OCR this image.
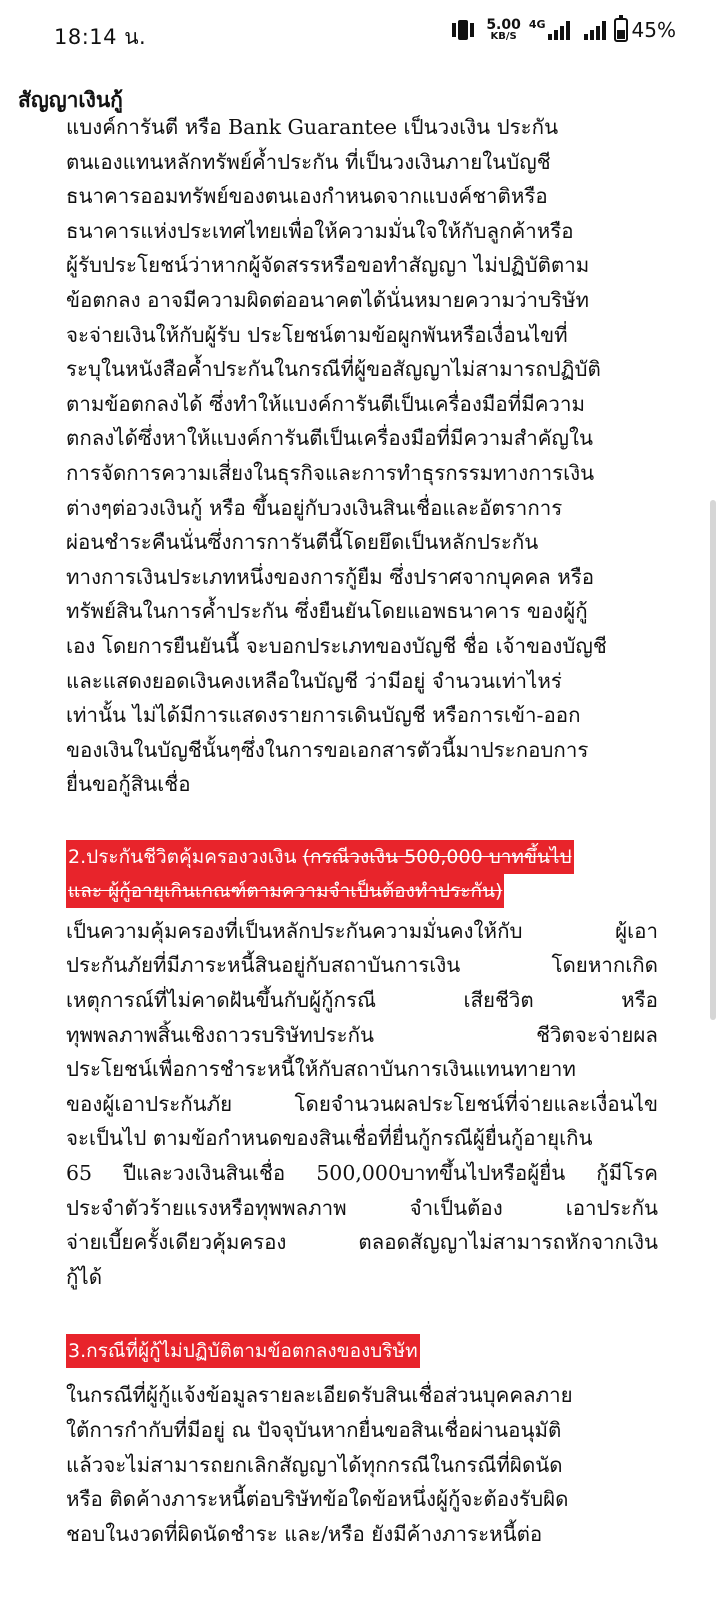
18:14 น.	5.00
KB/S
4G	45%
สัญญาเงินกู้
แบงค์การันตี หรือ Bank Guarantee เป็นวงเงิน ประกัน
ตนเองแทนหลักทรัพย์ค้ำประกัน ที่เป็นวงเงินภายในบัญชี
ธนาคารออมทรัพย์ของตนเองกำหนดจากแบงค์ชาติหรือ
ธนาคารแห่งประเทศไทยเพื่อให้ความมั่นใจให้กับลูกค้าหรือ
ผู้รับประโยชน์ว่าหากผู้จัดสรรหรือขอทำสัญญา ไม่ปฏิบัติตาม
ข้อตกลง อาจมีความผิดต่ออนาคตได้นั่นหมายความว่าบริษัท
จะจ่ายเงินให้กับผู้รับ ประโยชน์ตามข้อผูกพันหรือเงื่อนไขที่
ระบุในหนังสือค้ำประกันในกรณีที่ผู้ขอสัญญาไม่สามารถปฏิบัติ
ตามข้อตกลงได้ ซึ่งทำให้แบงค์การันตีเป็นเครื่องมือที่มีความ
ตกลงได้ซึ่งหาให้แบงค์การันตีเป็นเครื่องมือที่มีความสำคัญใน
การจัดการความเสี่ยงในธุรกิจและการทำธุรกรรมทางการเงิน
ต่างๆต่อวงเงินกู้ หรือ ขึ้นอยู่กับวงเงินสินเชื่อและอัตราการ
ผ่อนชำระคืนนั่นซึ่งการการันตีนี้โดยยึดเป็นหลักประกัน
ทางการเงินประเภทหนึ่งของการกู้ยืม ซึ่งปราศจากบุคคล หรือ
ทรัพย์สินในการค้ำประกัน ซึ่งยืนยันโดยแอพธนาคาร ของผู้กู้
เอง โดยการยืนยันนี้ จะบอกประเภทของบัญชี ชื่อ เจ้าของบัญชี
และแสดงยอดเงินคงเหลือในบัญชี ว่ามีอยู่ จำนวนเท่าไหร่
เท่านั้น ไม่ได้มีการแสดงรายการเดินบัญชี หรือการเข้า-ออก
ของเงินในบัญชีนั้นๆซึ่งในการขอเอกสารตัวนี้มาประกอบการ
ยื่นขอกู้สินเชื่อ
2.ประกันชีวิตคุ้มครองวงเงิน (กรณีวงเงิน 500,000 บาทขึ้นไป
และ ผู้กู้อายุเกินเกณฑ์ตามความจำเป็นต้องทำประกัน)
เป็นความคุ้มครองที่เป็นหลักประกันความมั่นคงให้กับ	ผู้เอา
ประกันภัยที่มีภาระหนี้สินอยู่กับสถาบันการเงิน	โดยหากเกิด
เหตุการณ์ที่ไม่คาดฝันขึ้นกับผู้กู้กรณี	เสียชีวิต	หรือ
ทุพพลภาพสิ้นเชิงถาวรบริษัทประกัน	ชีวิตจะจ่ายผล
ประโยชน์เพื่อการชำระหนี้ให้กับสถาบันการเงินแทนทายาท
ของผู้เอาประกันภัย	โดยจำนวนผลประโยชน์ที่จ่ายและเงื่อนไข
จะเป็นไป ตามข้อกำหนดของสินเชื่อที่ยื่นกู้กรณีผู้ยื่นกู้อายุเกิน
65 ปีและวงเงินสินเชื่อ 500,000บาทขึ้นไปหรือผู้ยื่น กู้มีโรค
ประจำตัวร้ายแรงหรือทุพพลภาพ	จำเป็นต้อง	เอาประกัน
จ่ายเบี้ยครั้งเดียวคุ้มครอง	ตลอดสัญญาไม่สามารถหักจากเงิน
กู้ได้
3.กรณีที่ผู้กู้ไม่ปฏิบัติตามข้อตกลงของบริษัท
ในกรณีที่ผู้กู้แจ้งข้อมูลรายละเอียดรับสินเชื่อส่วนบุคคลภาย
ใต้การกำกับที่มีอยู่ ณ ปัจจุบันหากยื่นขอสินเชื่อผ่านอนุมัติ
แล้วจะไม่สามารถยกเลิกสัญญาได้ทุกกรณีในกรณีที่ผิดนัด
หรือ ติดค้างภาระหนี้ต่อบริษัทข้อใดข้อหนึ่งผู้กู้จะต้องรับผิด
ชอบในงวดที่ผิดนัดชำระ และ/หรือ ยังมีค้างภาระหนี้ต่อ
